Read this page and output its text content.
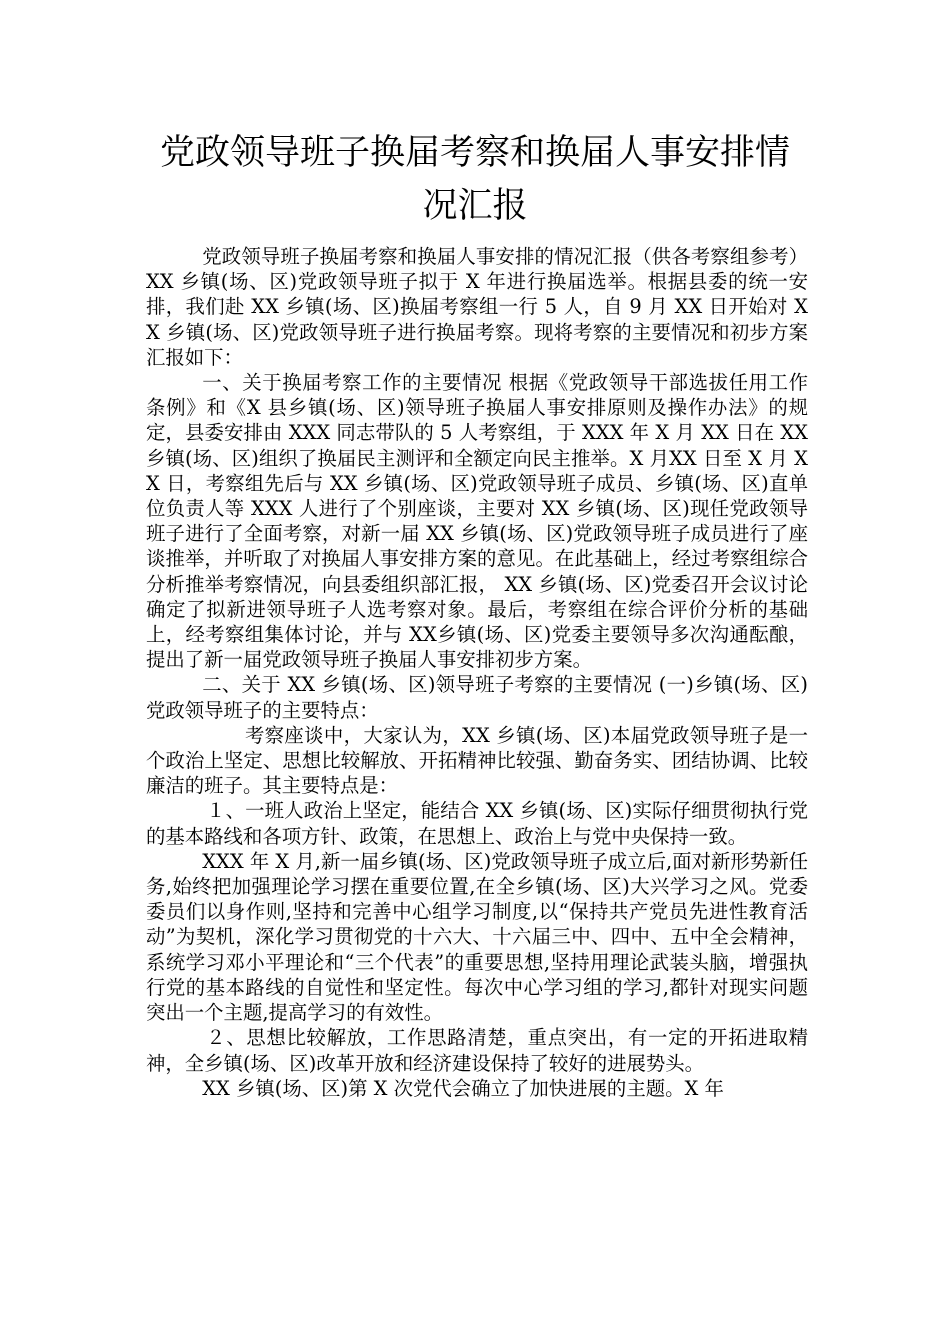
党政领导班子换届考察和换届人事安排情
况汇报

党政领导班子换届考察和换届人事安排的情况汇报（供各考察组参考） XX 乡镇(场、区)党政领导班子拟于 X 年进行换届选举。根据县委的统一安排，我们赴 XX 乡镇(场、区)换届考察组一行 5 人，自 9 月 XX 日开始对 XX 乡镇(场、区)党政领导班子进行换届考察。现将考察的主要情况和初步方案汇报如下：

一、关于换届考察工作的主要情况 根据《党政领导干部选拔任用工作条例》和《X 县乡镇(场、区)领导班子换届人事安排原则及操作办法》的规定，县委安排由 XXX 同志带队的 5 人考察组，于 XXX 年 X 月 XX 日在 XX乡镇(场、区)组织了换届民主测评和全额定向民主推举。X 月XX 日至 X 月 XX 日，考察组先后与 XX 乡镇(场、区)党政领导班子成员、乡镇(场、区)直单位负责人等 XXX 人进行了个别座谈，主要对 XX 乡镇(场、区)现任党政领导班子进行了全面考察，对新一届 XX 乡镇(场、区)党政领导班子成员进行了座谈推举，并听取了对换届人事安排方案的意见。在此基础上，经过考察组综合分析推举考察情况，向县委组织部汇报， XX 乡镇(场、区)党委召开会议讨论确定了拟新进领导班子人选考察对象。最后，考察组在综合评价分析的基础上，经考察组集体讨论，并与 XX乡镇(场、区)党委主要领导多次沟通酝酿，提出了新一届党政领导班子换届人事安排初步方案。

二、关于 XX 乡镇(场、区)领导班子考察的主要情况 (一)乡镇(场、区)党政领导班子的主要特点：

考察座谈中，大家认为，XX 乡镇(场、区)本届党政领导班子是一个政治上坚定、思想比较解放、开拓精神比较强、勤奋务实、团结协调、比较廉洁的班子。其主要特点是：

１、一班人政治上坚定，能结合 XX 乡镇(场、区)实际仔细贯彻执行党的基本路线和各项方针、政策，在思想上、政治上与党中央保持一致。

XXX 年 X 月,新一届乡镇(场、区)党政领导班子成立后,面对新形势新任务,始终把加强理论学习摆在重要位置,在全乡镇(场、区)大兴学习之风。党委委员们以身作则,坚持和完善中心组学习制度,以“保持共产党员先进性教育活动”为契机，深化学习贯彻党的十六大、十六届三中、四中、五中全会精神，系统学习邓小平理论和“三个代表”的重要思想,坚持用理论武装头脑，增强执行党的基本路线的自觉性和坚定性。每次中心学习组的学习,都针对现实问题突出一个主题,提高学习的有效性。

２、思想比较解放，工作思路清楚，重点突出，有一定的开拓进取精神，全乡镇(场、区)改革开放和经济建设保持了较好的进展势头。

XX 乡镇(场、区)第 X 次党代会确立了加快进展的主题。X 年
